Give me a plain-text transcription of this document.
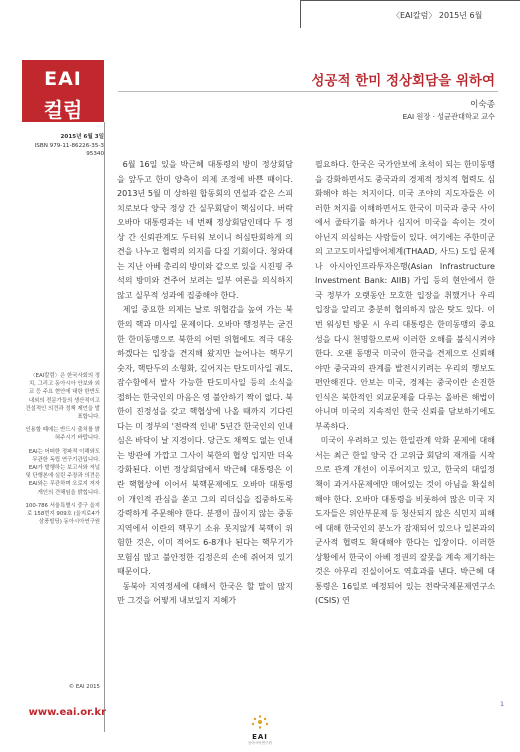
〈EAI칼럼〉 2015년 6월
EAI
컬럼
2015년 6월 3일
ISBN 979-11-86226-35-3
95340

〈EAI칼럼〉은 한국사회의 정치, 그리고 동아시아 안보와 외교 등 주요 현안에 대한 한반도내외의 전문가들의 생산적이고 건설적인 의견과 정책 제언을 발표합니다.

인용할 때에는 반드시 출처를 밝혀주시기 바랍니다.

EAI는 어떠한 정파적 이해와도 무관한 독립 연구기관입니다. EAI가 발행하는 보고서와 저널 및 단행본에 실린 주장과 의견은 EAI와는 무관하며 오로지 저자 개인의 견해임을 밝힙니다.

100-786 서울특별시 중구 을지로 158번지 909호 (을지로4가 삼풍빌딩) 동아시아연구원

© EAI 2015
www.eai.or.kr
성공적 한미 정상회담을 위하여
이숙종
EAI 원장 · 성균관대학교 교수

6월 16일 있을 박근혜 대통령의 방미 정상회담을 앞두고 한미 양측이 의제 조정에 바쁜 때이다. 2013년 5월 미 상하원 합동회의 연설과 같은 스피치로보다 양국 정상 간 실무회담이 핵심이다. 버락 오바마 대통령과는 네 번째 정상회담인데다 두 정상 간 신뢰관계도 두터워 보이니 허심탄회하게 의견을 나누고 협력의 의지를 다질 기회이다. 청와대는 지난 아베 총리의 방미와 같으로 있을 시진핑 주석의 방미와 견주어 보려는 일부 여론을 의식하지 않고 실무적 성과에 집중해야 한다.

제일 중요한 의제는 날로 위협감을 높여 가는 북한의 핵과 미사일 문제이다. 오바마 행정부는 굳건한 한미동맹으로 북한의 어떤 위협에도 적극 대응하겠다는 입장을 견지해 왔지만 늘어나는 핵무기 숫자, 핵탄두의 소형화, 깊어지는 탄도미사일 궤도, 잠수함에서 발사 가능한 탄도미사일 등의 소식을 접하는 한국인의 마음은 영 불안하기 짝이 없다. 북한이 진정성을 갖고 핵협상에 나올 때까지 기다린다는 미 정부의 '전략적 인내' 5년간 한국인의 인내심은 바닥이 날 지경이다. 당근도 채찍도 없는 인내는 방관에 가깝고 그사이 북한의 협상 입지만 더욱 강화된다. 이번 정상회담에서 박근혜 대통령은 이란 핵협상에 이어서 북핵문제에도 오바마 대통령이 개인적 관심을 쏟고 그의 리더십을 집중하도록 강력하게 주문해야 한다. 분쟁이 끊이지 않는 중동지역에서 이란의 핵무기 소유 못지않게 북핵이 위험한 것은, 이미 적어도 6-8개나 된다는 핵무기가 모험심 많고 불안정한 김정은의 손에 쥐어져 있기 때문이다.

동북아 지역정세에 대해서 한국은 할 말이 많지만 그것을 어떻게 내보일지 지혜가

필요하다. 한국은 국가안보에 초석이 되는 한미동맹을 강화하면서도 중국과의 경제적 정치적 협력도 심화해야 하는 처지이다. 미국 조야의 지도자들은 이러한 처지를 이해하면서도 한국이 미국과 중국 사이에서 줄타기를 하거나 심지어 미국을 속이는 것이 아닌지 의심하는 사람들이 있다. 여기에는 주한미군의 고고도미사일방어체계(THAAD, 사드) 도입 문제나 아시아인프라투자은행(Asian Infrastructure Investment Bank: AIIB) 가입 등의 현안에서 한국 정부가 오랫동안 모호한 입장을 취했거나 우리 입장을 알리고 충분히 협의하지 않은 탓도 있다. 이번 워싱턴 방문 시 우리 대통령은 한미동맹의 중요성을 다시 천명함으로써 이러한 오해를 불식시켜야 한다. 오랜 동맹국 미국이 한국을 견제으로 신뢰해야만 중국과의 관계를 발전시키려는 우리의 행보도 편안해진다. 안보는 미국, 경제는 중국이란 손진한 인식은 북한적인 외교문제를 다루는 올바른 해법이 아니며 미국의 지속적인 한국 신뢰를 담보하기에도 부족하다.

미국이 우려하고 있는 한일관계 악화 문제에 대해서는 최근 한일 양국 간 고위급 회담의 재개를 시작으로 관계 개선이 이루어지고 있고, 한국의 대일정책이 과거사문제에만 매어있는 것이 아님을 확실히 해야 한다. 오바마 대통령을 비롯하여 많은 미국 지도자들은 위안부문제 등 청산되지 않은 식민지 피해에 대해 한국인의 분노가 잠재되어 있으나 일본과의 군사적 협력도 확대해야 한다는 입장이다. 이러한 상황에서 한국이 아베 정권의 잘못을 계속 제기하는 것은 아무리 진실이어도 역효과를 낸다. 박근혜 대통령은 16일로 예정되어 있는 전략국제문제연구소(CSIS) 연

1
EAI
동아시아연구원
